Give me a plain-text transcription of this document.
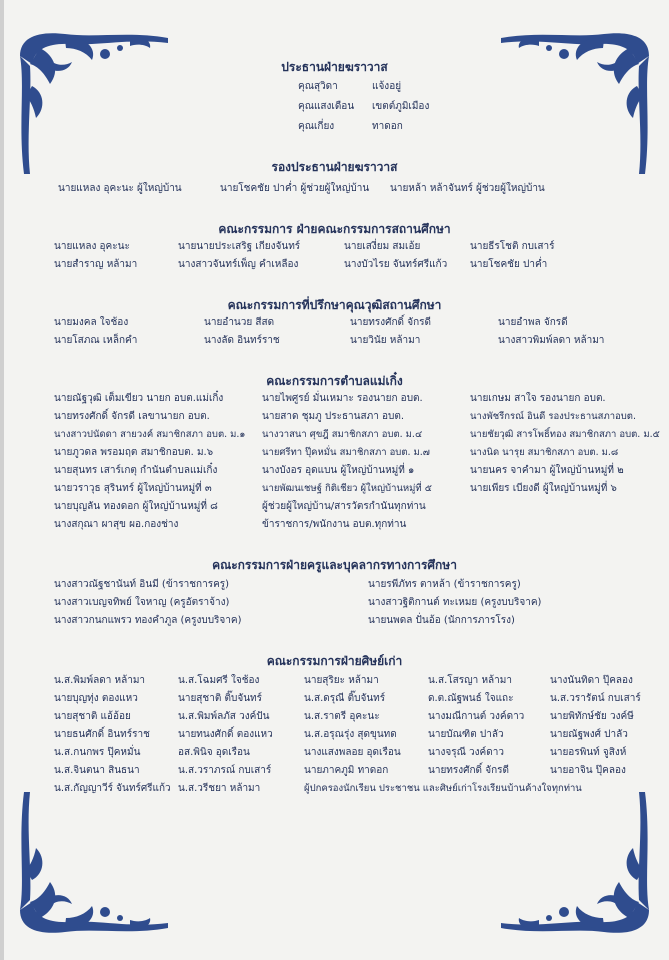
ประธานฝ่ายฆราวาส
คุณสุวิดา	แจ้งอยู่
คุณแสงเดือน เขตต์ภูมิเมือง
คุณเกี่ยง	ทาดอก
รองประธานฝ่ายฆราวาส
นายแหลง อุคะนะ ผู้ใหญ่บ้าน	นายโชคชัย ปาค่ำ ผู้ช่วยผู้ใหญ่บ้าน นายหล้า หล้าจันทร์ ผู้ช่วยผู้ใหญ่บ้าน
คณะกรรมการ ฝ่ายคณะกรรมการสถานศึกษา
นายแหลง อุคะนะ	นายนายประเสริฐ เกียงจันทร์	นายเสงี่ยม สมเอ้ย	นายธีรโชติ กบเสาร์
นายสำราญ หล้ามา	นางสาวจันทร์เพ็ญ คำเหลือง	นางบัวไรย จันทร์ศรีแก้ว นายโชคชัย ปาค่ำ
คณะกรรมการที่ปรึกษาคุณวุฒิสถานศึกษา
นายมงคล ใจช้อง	นายอำนวย สีสด	นายทรงศักดิ์ จักรดี	นายอำพล จักรดี
นายโสภณ เหล็กคำ	นางลัด อินทร์ราช	นายวินัย หล้ามา	นางสาวพิมพ์ลดา หล้ามา
คณะกรรมการตำบลแม่เกิ๋ง
นายณัฐวุฒิ เต็มเขียว นายก อบต.แม่เกิ๋ง	นายไพศูรย์ มั่นเหมาะ รองนายก อบต.	นายเกษม สาใจ รองนายก อบต.
นายทรงศักดิ์ จักรดี เลขานายก อบต.	นายสาด ชุมภู ประธานสภา อบต.	นางพัชรีกรณ์ อินดี รองประธานสภาอบต.
นางสาวปนัดดา สายวงค์ สมาชิกสภา อบต. ม.๑ นางวาสนา ศุขฎี สมาชิกสภา อบต. ม.๔	นายชัยวุฒิ สารโพธิ์ทอง สมาชิกสภา อบต. ม.๕
นายภูวดล พรอมฤต สมาชิกอบต. ม.๖	นายศรีทา ปุ๊คหมั่น สมาชิกสภา อบต. ม.๗	นางนิด นารุย สมาชิกสภา อบต. ม.๘
นายสุนทร เสาร์เกตุ กำนันตำบลแม่เกิ๋ง	นางบังอร อุดแบน ผู้ใหญ่บ้านหมู่ที่ ๑	นายนคร จาคำมา ผู้ใหญ่บ้านหมู่ที่ ๒
นายวราวุธ สุรินทร์ ผู้ใหญ่บ้านหมู่ที่ ๓	นายพัฒนเชษฐ์ กิติเชียว ผู้ใหญ่บ้านหมู่ที่ ๕	นายเพียร เบียงดี ผู้ใหญ่บ้านหมู่ที่ ๖
นายบุญลัน ทองดอก ผู้ใหญ่บ้านหมู่ที่ ๘	ผู้ช่วยผู้ใหญ่บ้าน/สารวัตรกำนันทุกท่าน
นางสกุณา ผาสุข ผอ.กองช่าง	ข้าราชการ/พนักงาน อบต.ทุกท่าน
คณะกรรมการฝ่ายครูและบุคลากรทางการศึกษา
นางสาวณัฐชานันท์ อินมี (ข้าราชการครู)	นายรพีภัทร ตาหล้า (ข้าราชการครู)
นางสาวเบญจทิพย์ ใจหาญ (ครูอัตราจ้าง)	นางสาวฐิติกานต์ ทะเหมย (ครูงบบริจาค)
นางสาวกนกแพรว ทองคำภูล (ครูงบบริจาค)	นายนพดล ปั่นอ้อ (นักการภารโรง)
คณะกรรมการฝ่ายศิษย์เก่า
น.ส.พิมพ์ลดา หล้ามา	น.ส.โฉมศรี ใจช้อง	นายสุริยะ หล้ามา	น.ส.โสรญา หล้ามา	นางนันทิดา ปุ๊คลอง
นายบุญทุ่ง ตองแหว	นายสุชาติ ติ๊บจันทร์	น.ส.ดรุณี ติ๊บจันทร์	ด.ต.ณัฐพนธ์ ใจแถะ	น.ส.วรารัตน์ กบเสาร์
นายสุชาติ แอ้อ้อย	น.ส.พิมพ์ลภัส วงค์ปัน	น.ส.ราตรี อุคะนะ	นางมณีกานต์ วงค์ดาว	นายพิทักษ์ชัย วงค์ษี
นายธนศักดิ์ อินทร์ราช	นายทนงศักดิ์ ตองแหว	น.ส.อรุณรุ่ง สุดขุนทด	นายบัณฑิต ปาลัว	นายณัฐพงศ์ ปาลัว
น.ส.กนกพร ปุ๊คหมั่น	อส.พินิจ อุดเรือน	นางแสงพลอย อุดเรือน	นางจรุณี วงค์ดาว	นายอรพินท์ จูสิงห์
น.ส.จินตนา สินธนา	น.ส.วราภรณ์ กบเสาร์	นายภาคภูมิ ทาดอก	นายทรงศักดิ์ จักรดี	นายอาจิน ปุ๊คลอง
น.ส.กัญญาวีร์ จันทร์ศรีแก้ว น.ส.วรีชยา หล้ามา	ผู้ปกครองนักเรียน ประชาชน และศิษย์เก่าโรงเรียนบ้านค้างใจทุกท่าน
